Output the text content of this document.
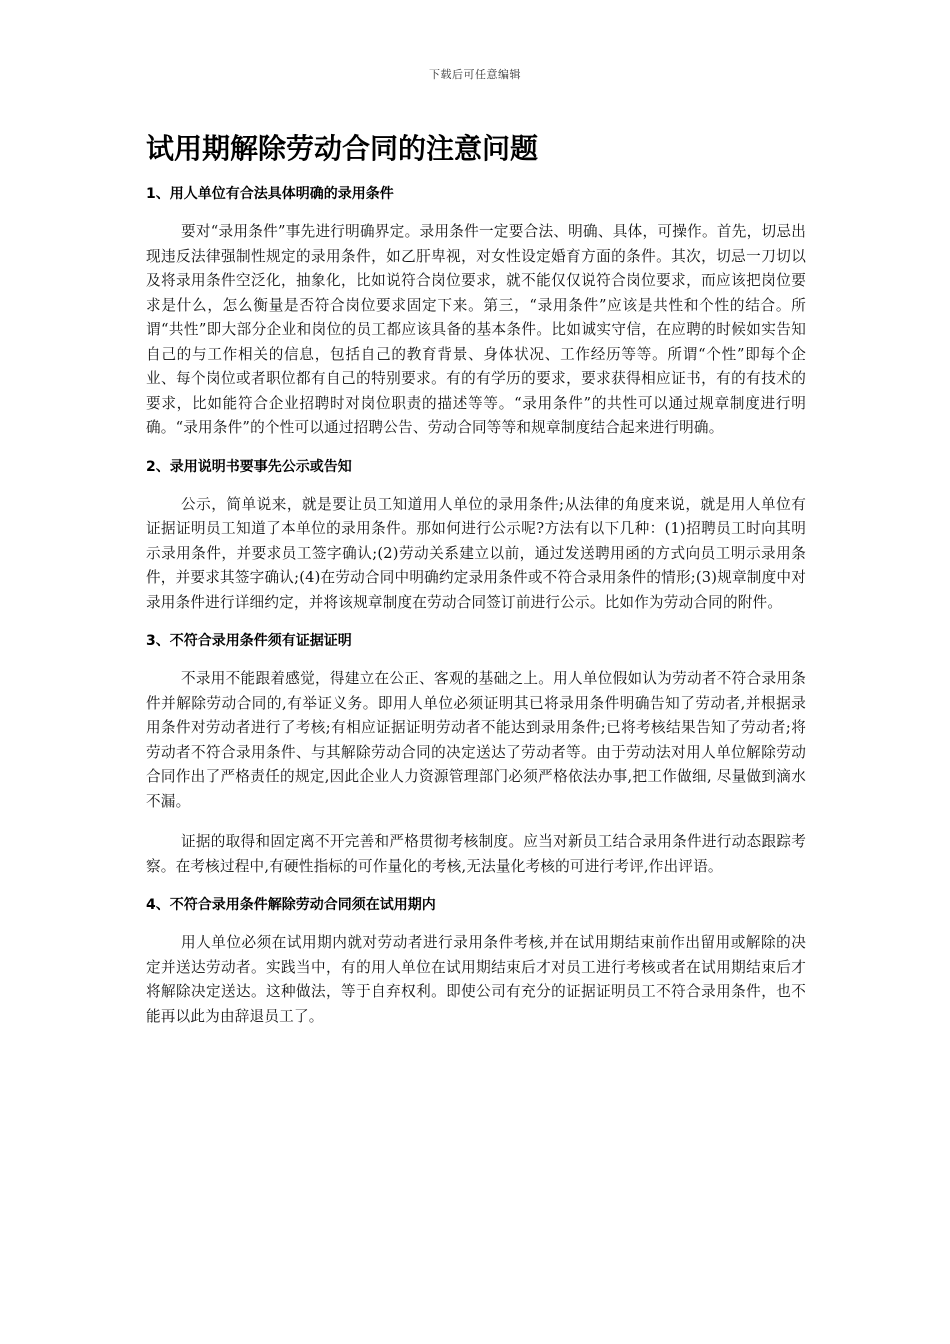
下载后可任意编辑
试用期解除劳动合同的注意问题
1、用人单位有合法具体明确的录用条件

要对“录用条件”事先进行明确界定。录用条件一定要合法、明确、具体，可操作。首先，切忌出现违反法律强制性规定的录用条件，如乙肝卑视，对女性设定婚育方面的条件。其次，切忌一刀切以及将录用条件空泛化，抽象化，比如说符合岗位要求，就不能仅仅说符合岗位要求，而应该把岗位要求是什么，怎么衡量是否符合岗位要求固定下来。第三，“录用条件”应该是共性和个性的结合。所谓“共性”即大部分企业和岗位的员工都应该具备的基本条件。比如诚实守信，在应聘的时候如实告知自己的与工作相关的信息，包括自己的教育背景、身体状况、工作经历等等。所谓“个性”即每个企业、每个岗位或者职位都有自己的特别要求。有的有学历的要求，要求获得相应证书，有的有技术的要求，比如能符合企业招聘时对岗位职责的描述等等。“录用条件”的共性可以通过规章制度进行明确。“录用条件”的个性可以通过招聘公告、劳动合同等等和规章制度结合起来进行明确。

2、录用说明书要事先公示或告知

公示，简单说来，就是要让员工知道用人单位的录用条件;从法律的角度来说，就是用人单位有证据证明员工知道了本单位的录用条件。那如何进行公示呢?方法有以下几种：(1)招聘员工时向其明示录用条件，并要求员工签字确认;(2)劳动关系建立以前，通过发送聘用函的方式向员工明示录用条件，并要求其签字确认;(4)在劳动合同中明确约定录用条件或不符合录用条件的情形;(3)规章制度中对录用条件进行详细约定，并将该规章制度在劳动合同签订前进行公示。比如作为劳动合同的附件。

3、不符合录用条件须有证据证明

不录用不能跟着感觉，得建立在公正、客观的基础之上。用人单位假如认为劳动者不符合录用条件并解除劳动合同的,有举证义务。即用人单位必须证明其已将录用条件明确告知了劳动者,并根据录用条件对劳动者进行了考核;有相应证据证明劳动者不能达到录用条件;已将考核结果告知了劳动者;将劳动者不符合录用条件、与其解除劳动合同的决定送达了劳动者等。由于劳动法对用人单位解除劳动合同作出了严格责任的规定,因此企业人力资源管理部门必须严格依法办事,把工作做细, 尽量做到滴水不漏。

证据的取得和固定离不开完善和严格贯彻考核制度。应当对新员工结合录用条件进行动态跟踪考察。在考核过程中,有硬性指标的可作量化的考核,无法量化考核的可进行考评,作出评语。

4、不符合录用条件解除劳动合同须在试用期内

用人单位必须在试用期内就对劳动者进行录用条件考核,并在试用期结束前作出留用或解除的决定并送达劳动者。实践当中，有的用人单位在试用期结束后才对员工进行考核或者在试用期结束后才将解除决定送达。这种做法，等于自弃权利。即使公司有充分的证据证明员工不符合录用条件，也不能再以此为由辞退员工了。
